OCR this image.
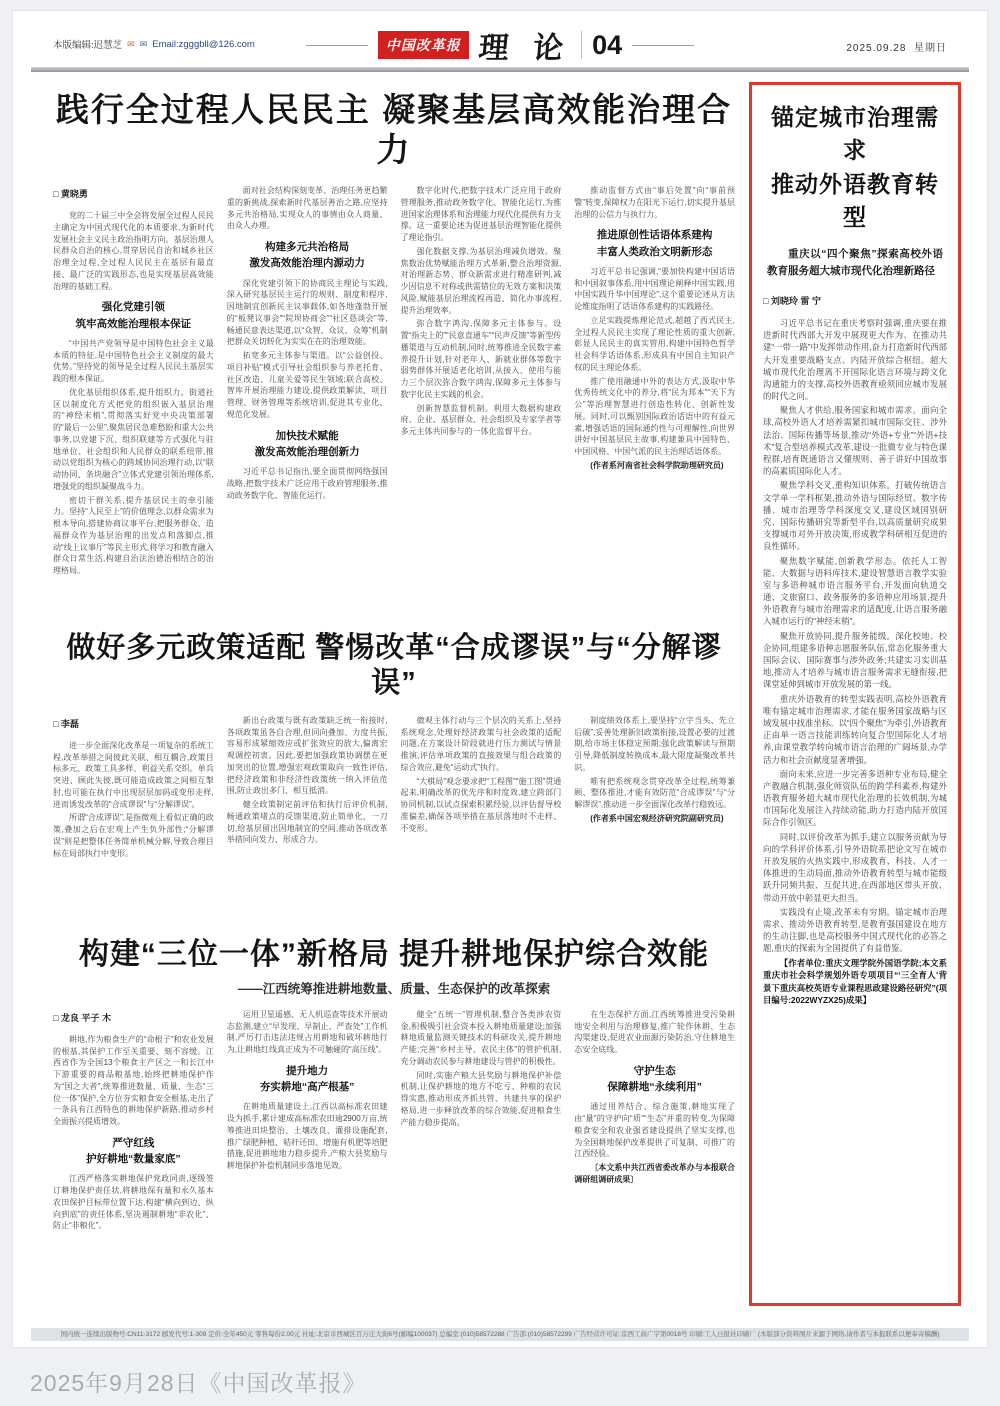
本版编辑:迟慧芝 ✉ ✉ Email:zgggbll@126.com	中国改革报 理 论 04	2025.09.28 星期日
践行全过程人民民主 凝聚基层高效能治理合力
□ 黄晓勇
党的二十届三中全会将发展全过程人民民主确定为中国式现代化的本质要求,为新时代发展社会主义民主政治指明方向。基层治理人民群众自治的核心,贯穿居民自治和城乡社区治理全过程,全过程人民民主在基层有最直接、最广泛的实践形态,也是实现基层高效能治理的基础工程。
强化党建引领
筑牢高效能治理根本保证
“中国共产党领导是中国特色社会主义最本质的特征,是中国特色社会主义制度的最大优势。”坚持党的领导是全过程人民民主基层实践的根本保证。
优化基层组织体系,提升组织力。街道社区以制度化方式把党的组织嵌入基层治理的“神经末梢”,贯彻落实好党中央决策部署的“最后一公里”,聚焦居民急难愁盼和重大公共事务,以党建下沉、组织联建等方式强化与驻地单位、社会组织和人民群众的联系纽带,推动以党组织为核心的跨域协同治理行动,以“联动协同、条块融合”立体式党建引领治理体系,增强党的组织凝聚战斗力。
密切干群关系,提升基层民主的牵引能力。坚持“人民至上”的价值理念,以群众需求为根本导向,搭建协商议事平台,把服务群众、造福群众作为基层治理的出发点和落脚点,推动“线上议事厅”等民主形式,将学习和教育融入群众日常生活,构建自治法治德治相结合的治理格局。
面对社会结构深刻变革、治理任务更趋繁重的新挑战,探索新时代基层善治之路,应坚持多元共治格局,实现众人的事情由众人商量、由众人办理。
构建多元共治格局
激发高效能治理内源动力
深化党建引领下的协商民主理论与实践,深入研究基层民主运行的规则、制度和程序,因地制宜创新民主议事载体,如各地蓬勃开展的“板凳议事会”“院坝协商会”“社区恳谈会”等,畅通民意表达渠道,以“众智、众议、众筹”机制把群众关切转化为实实在在的治理效能。
拓宽多元主体参与渠道。以“公益创投、项目补贴”模式引导社会组织参与养老托育、社区改造、儿童关爱等民生领域;联合高校、智库开展治理能力建设,提供政策解读、项目管理、财务管理等系统培训,促进其专业化、规范化发展。
加快技术赋能
激发高效能治理创新力
习近平总书记指出,要全面贯彻网络强国战略,把数字技术广泛应用于政府管理服务,推动政务数字化、智能化运行。
数字化时代,把数字技术广泛应用于政府管理服务,推动政务数字化、智能化运行,为推进国家治理体系和治理能力现代化提供有力支撑。这一重要论述为促进基层治理智能化提供了理论指引。
强化数据支撑,为基层治理减负增效。聚焦数治优势赋能治理方式革新,整合治理资源,对治理新态势、群众新需求进行精准研判,减少因信息不对称或供需错位的无效方案和决策风险,赋能基层治理流程再造、简化办事流程,提升治理效率。
弥合数字鸿沟,保障多元主体参与。设置“指尖上的”“民意直通车”“民声反馈”等新型传播渠道与互动机制,同时,统筹推进全民数字素养提升计划,针对老年人、新就业群体等数字弱势群体开展适老化培训,从接入、使用与能力三个层次弥合数字鸿沟,保障多元主体参与数字化民主实践的机会。
创新智慧监督机制。利用大数据构建政府、企业、基层群众、社会组织及专家学者等多元主体共同参与的一体化监督平台。
推动监督方式由“事后处置”向“事前预警”转变,保障权力在阳光下运行,切实提升基层治理的公信力与执行力。
推进原创性话语体系建构
丰富人类政治文明新形态
习近平总书记强调,“要加快构建中国话语和中国叙事体系,用中国理论阐释中国实践,用中国实践升华中国理论”,这个重要论述从方法论维度指明了话语体系建构的实践路径。
立足实践提炼理论范式,超越了西式民主,全过程人民民主实现了理论性质的重大创新,彰显人民民主的真实管用,构建中国特色哲学社会科学话语体系,形成具有中国自主知识产权的民主理论体系。
推广使用融通中外的表达方式,汲取中华优秀传统文化中的养分,将“民为邦本”“天下为公”等治理智慧进行创造性转化、创新性发展。同时,可以甄别国际政治话语中的有益元素,增强话语的国际通约性与可理解性,向世界讲好中国基层民主故事,构建兼具中国特色、中国风格、中国气派的民主治理话语体系。
(作者系河南省社会科学院助理研究员)
做好多元政策适配 警惕改革“合成谬误”与“分解谬误”
□ 李磊
进一步全面深化改革是一项复杂的系统工程,改革举措之间彼此关联、相互耦合,政策目标多元、政策工具多样、利益关系交织。单兵突进、顾此失彼,既可能造成政策之间相互掣肘,也可能在执行中出现层层加码或变形走样,进而诱发改革的“合成谬误”与“分解谬误”。
所谓“合成谬误”,是指微观上看似正确的政策,叠加之后在宏观上产生负外部性;“分解谬误”则是把整体任务简单机械分解,导致合理目标在局部执行中变形。
新出台政策与既有政策缺乏统一衔接时,各项政策虽各自合理,但同向叠加、力度共振,容易形成紧缩效应或扩张效应的放大,偏离宏观调控初衷。因此,要把加强政策协调摆在更加突出的位置,增强宏观政策取向一致性评估,把经济政策和非经济性政策统一纳入评估范围,防止政出多门、相互抵消。
健全政策制定前评估和执行后评价机制,畅通政策堵点的反馈渠道,防止简单化、一刀切,给基层留出因地制宜的空间,推动各项改革举措同向发力、形成合力。
微观主体行动与三个层次的关系上,坚持系统观念,处理好经济政策与社会政策的适配问题,在方案设计阶段就进行压力测试与情景推演,评估单项政策的直接效果与组合政策的综合效应,避免“运动式”执行。
“大棋局”观念要求把“工程图”“施工图”贯通起来,明确改革的优先序和时度效,建立跨部门协同机制,以试点探索积累经验,以评估督导校准偏差,确保各项举措在基层落地时不走样、不变形。
制度绩效体系上,要坚持“立字当头、先立后破”,妥善处理新旧政策衔接,设置必要的过渡期,给市场主体稳定预期;强化政策解读与预期引导,降低制度转换成本,最大限度凝聚改革共识。
唯有把系统观念贯穿改革全过程,统筹兼顾、整体推进,才能有效防范“合成谬误”与“分解谬误”,推动进一步全面深化改革行稳致远。
(作者系中国宏观经济研究院副研究员)
构建“三位一体”新格局 提升耕地保护综合效能
——江西统筹推进耕地数量、质量、生态保护的改革探索
□ 龙良 平子 木
耕地,作为粮食生产的“命根子”和农业发展的根基,其保护工作至关重要、刻不容缓。江西省作为全国13个粮食主产区之一和长江中下游重要的商品粮基地,始终把耕地保护作为“国之大者”,统筹推进数量、质量、生态“三位一体”保护,全方位夯实粮食安全根基,走出了一条具有江西特色的耕地保护新路,推动乡村全面振兴提质增效。
严守红线
护好耕地“数量家底”
江西严格落实耕地保护党政同责,逐级签订耕地保护责任状,将耕地保有量和永久基本农田保护目标带位置下达,构建“横向到边、纵向到底”的责任体系,坚决遏制耕地“非农化”、防止“非粮化”。
运用卫星遥感、无人机巡查等技术开展动态监测,建立“早发现、早制止、严查处”工作机制,严厉打击违法违规占用耕地和破坏耕地行为,让耕地红线真正成为不可触碰的“高压线”。
提升地力
夯实耕地“高产根基”
在耕地质量建设上,江西以高标准农田建设为抓手,累计建成高标准农田逾2900万亩,统筹推进田块整治、土壤改良、灌排设施配套,推广绿肥种植、秸秆还田、增施有机肥等培肥措施,促进耕地地力稳步提升,产粮大县奖励与耕地保护补偿机制同步落地见效。
健全“五统一”管理机制,整合各类涉农资金,积极吸引社会资本投入耕地质量建设;加强耕地质量监测关键技术的科研攻关,提升耕地产能;完善“乡村主导、农民主体”的管护机制,充分调动农民参与耕地建设与管护的积极性。
同时,实施产粮大县奖励与耕地保护补偿机制,让保护耕地的地方不吃亏、种粮的农民得实惠,推动形成齐抓共管、共建共享的保护格局,进一步释放改革的综合效能,促进粮食生产能力稳步提高。
在生态保护方面,江西统筹推进受污染耕地安全利用与治理修复,推广轮作休耕、生态沟渠建设,促进农业面源污染防治,守住耕地生态安全底线。
守护生态
保障耕地“永续利用”
通过用养结合、综合施策,耕地实现了由“量”的守护向“质”“生态”并重的转变,为保障粮食安全和农业强省建设提供了坚实支撑,也为全国耕地保护改革提供了可复制、可推广的江西经验。
〔本文系中共江西省委改革办与本报联合调研组调研成果〕
锚定城市治理需求
推动外语教育转型
重庆以“四个聚焦”探索高校外语教育服务超大城市现代化治理新路径
□ 刘晓玲 雷 宁
习近平总书记在重庆考察时强调,重庆要在推进新时代西部大开发中展现更大作为、在推动共建“一带一路”中发挥带动作用,奋力打造新时代西部大开发重要战略支点、内陆开放综合枢纽。超大城市现代化治理离不开国际化语言环境与跨文化沟通能力的支撑,高校外语教育亟须回应城市发展的时代之问。
聚焦人才供给,服务国家和城市需求。面向全球,高校外语人才培养需紧扣城市国际交往、涉外法治、国际传播等场景,推动“外语+专业”“外语+技术”复合型培养模式改革,建设一批微专业与特色课程群,培育既通语言又懂规则、善于讲好中国故事的高素质国际化人才。
聚焦学科交叉,重构知识体系。打破传统语言文学单一学科框架,推动外语与国际经贸、数字传播、城市治理等学科深度交叉,建设区域国别研究、国际传播研究等新型平台,以高质量研究成果支撑城市对外开放决策,形成教学科研相互促进的良性循环。
聚焦数字赋能,创新教学形态。依托人工智能、大数据与语料库技术,建设智慧语言教学实验室与多语种城市语言服务平台,开发面向轨道交通、文旅窗口、政务服务的多语种应用场景,提升外语教育与城市治理需求的适配度,让语言服务融入城市运行的“神经末梢”。
聚焦开放协同,提升服务能级。深化校地、校企协同,组建多语种志愿服务队伍,常态化服务重大国际会议、国际赛事与涉外政务;共建实习实训基地,推动人才培养与城市语言服务需求无缝衔接,把课堂延伸到城市开放发展的第一线。
重庆外语教育的转型实践表明,高校外语教育唯有锚定城市治理需求,才能在服务国家战略与区域发展中找准坐标。以“四个聚焦”为牵引,外语教育正由单一语言技能训练转向复合型国际化人才培养,由课堂教学转向城市语言治理的广阔场景,办学活力和社会贡献度显著增强。
面向未来,应进一步完善多语种专业布局,健全产教融合机制,强化师资队伍的跨学科素养,构建外语教育服务超大城市现代化治理的长效机制,为城市国际化发展注入持续动能,助力打造内陆开放国际合作引领区。
同时,以评价改革为抓手,建立以服务贡献为导向的学科评价体系,引导外语院系把论文写在城市开放发展的火热实践中,形成教育、科技、人才一体推进的生动局面,推动外语教育转型与城市能级跃升同频共振、互促共进,在西部地区带头开放、带动开放中彰显更大担当。
实践没有止境,改革未有穷期。锚定城市治理需求、推动外语教育转型,是教育强国建设在地方的生动注脚,也是高校服务中国式现代化的必答之题,重庆的探索为全国提供了有益借鉴。
【作者单位:重庆文理学院外国语学院;本文系重庆市社会科学规划外语专项项目“‘三全育人’背景下重庆高校英语专业课程思政建设路径研究”(项目编号:2022WYZX25)成果】
国内统一连续出版物号:CN11-3172 邮发代号:1-309 定价:全年450元 零售每份2.00元 社址:北京市西城区百万庄大街6号(邮编100037) 总编室:(010)58572288 广告部:(010)58572299 广告经营许可证:京西工商广字第0018号 印刷:工人日报社印刷厂 (本版部分资料图片来源于网络,请作者与本报联系以便奉寄稿酬)
2025年9月28日《中国改革报》
